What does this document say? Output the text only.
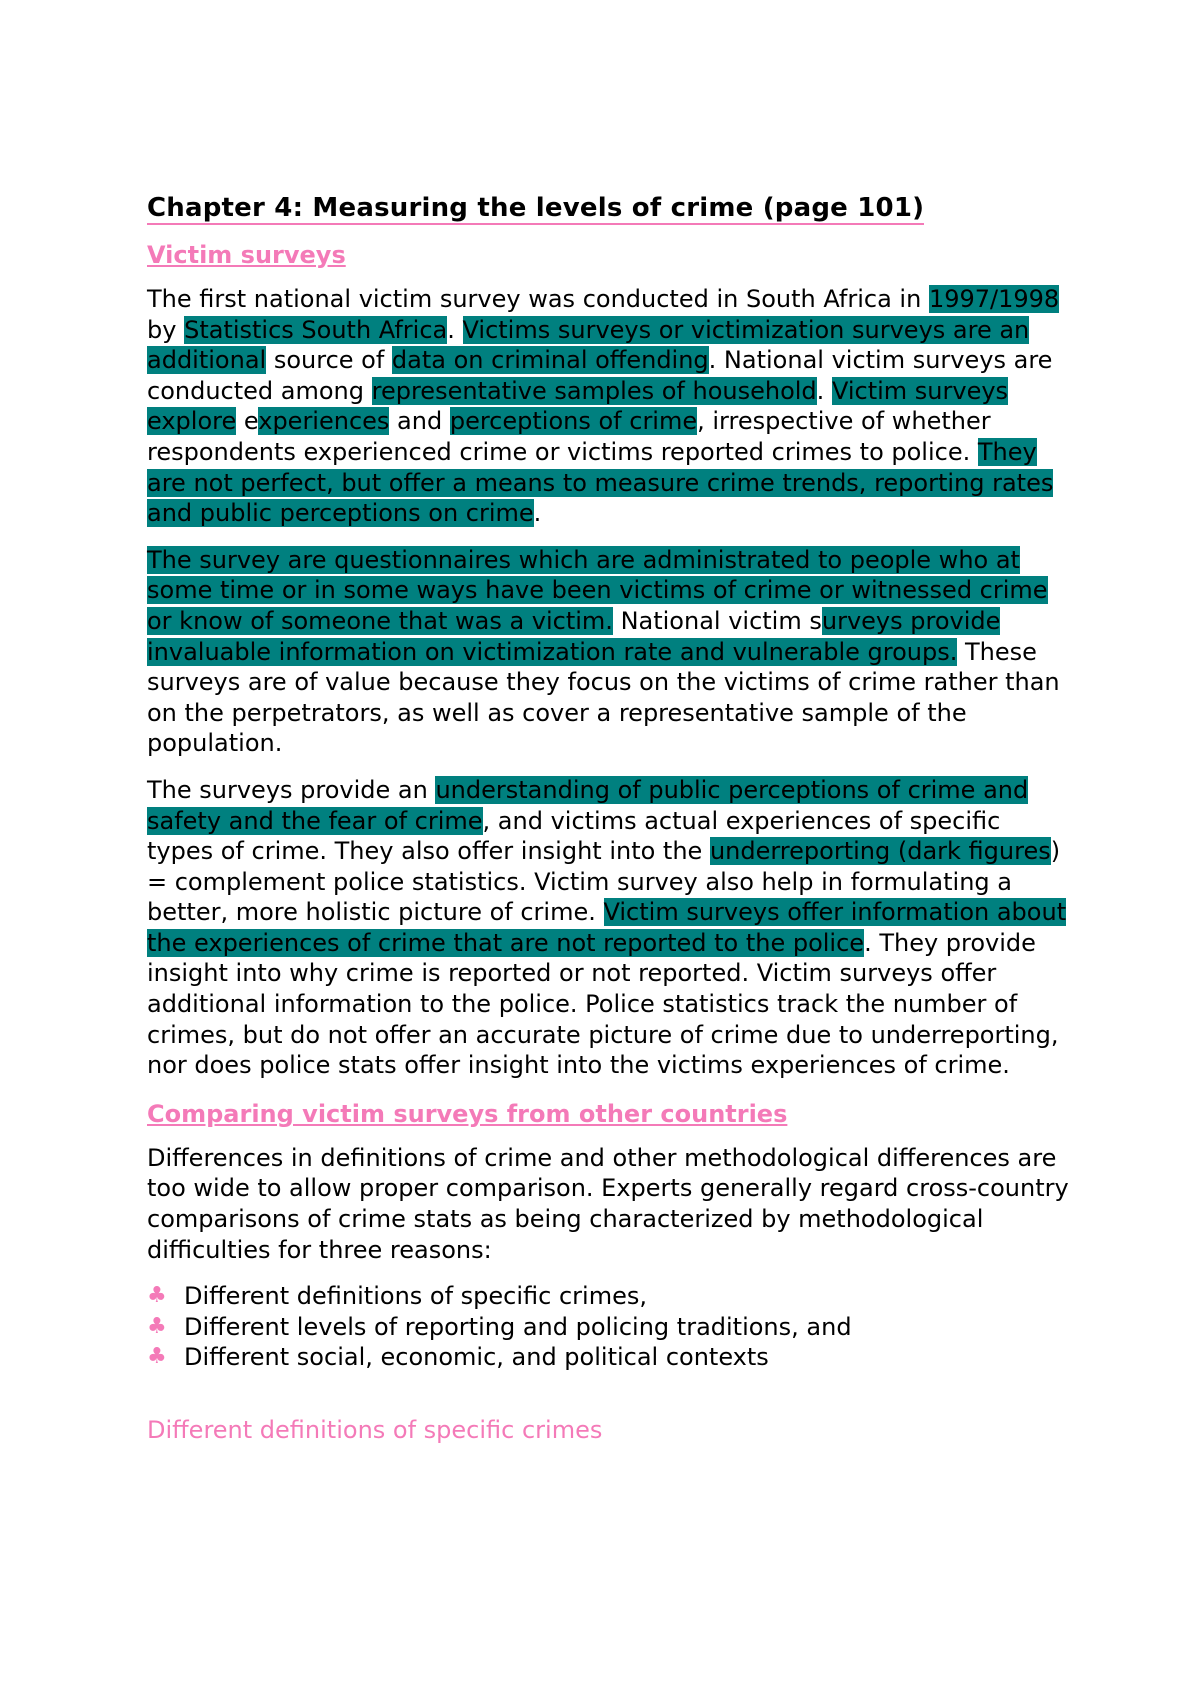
Chapter 4: Measuring the levels of crime (page 101)
Victim surveys

The first national victim survey was conducted in South Africa in 1997/1998 by Statistics South Africa. Victims surveys or victimization surveys are an additional source of data on criminal offending. National victim surveys are conducted among representative samples of household. Victim surveys explore experiences and perceptions of crime, irrespective of whether respondents experienced crime or victims reported crimes to police. They are not perfect, but offer a means to measure crime trends, reporting rates and public perceptions on crime.

The survey are questionnaires which are administrated to people who at some time or in some ways have been victims of crime or witnessed crime or know of someone that was a victim. National victim surveys provide invaluable information on victimization rate and vulnerable groups. These surveys are of value because they focus on the victims of crime rather than on the perpetrators, as well as cover a representative sample of the population.

The surveys provide an understanding of public perceptions of crime and safety and the fear of crime, and victims actual experiences of specific types of crime. They also offer insight into the underreporting (dark figures) = complement police statistics. Victim survey also help in formulating a better, more holistic picture of crime. Victim surveys offer information about the experiences of crime that are not reported to the police. They provide insight into why crime is reported or not reported. Victim surveys offer additional information to the police. Police statistics track the number of crimes, but do not offer an accurate picture of crime due to underreporting, nor does police stats offer insight into the victims experiences of crime.

Comparing victim surveys from other countries

Differences in definitions of crime and other methodological differences are too wide to allow proper comparison. Experts generally regard cross-country comparisons of crime stats as being characterized by methodological difficulties for three reasons:

♣ Different definitions of specific crimes,
♣ Different levels of reporting and policing traditions, and
♣ Different social, economic, and political contexts
Different definitions of specific crimes
